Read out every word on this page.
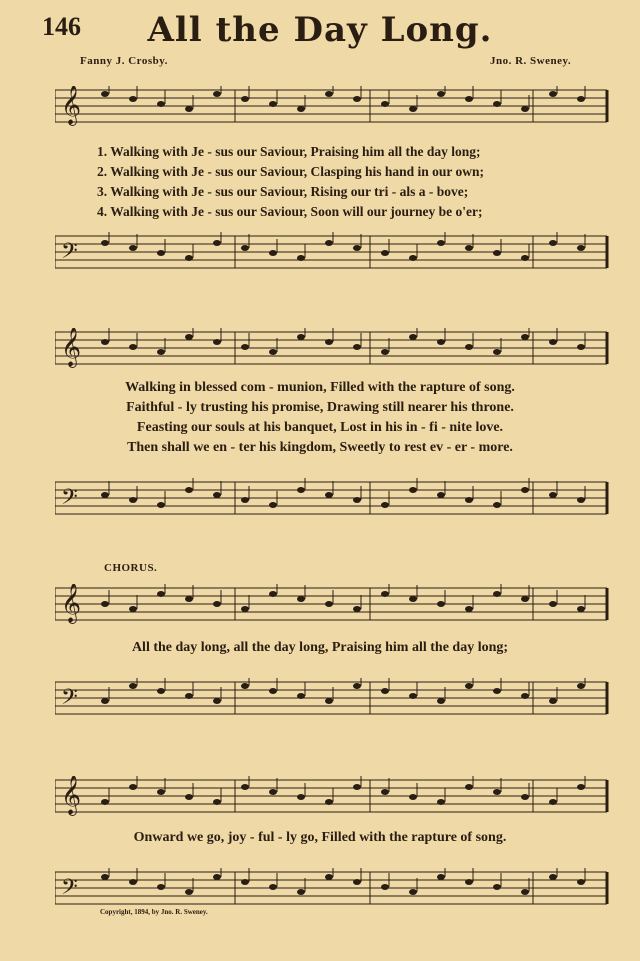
146	All the Day Long.
Fanny J. Crosby.	Jno. R. Sweney.
𝄞
1. Walking with Je - sus our Saviour, Praising him all the day long;
2. Walking with Je - sus our Saviour, Clasping his hand in our own;
3. Walking with Je - sus our Saviour, Rising our tri - als a - bove;
4. Walking with Je - sus our Saviour, Soon will our journey be o'er;
𝄢
𝄞
Walking in blessed com - munion, Filled with the rapture of song.
Faithful - ly trusting his promise, Drawing still nearer his throne.
Feasting our souls at his banquet, Lost in his in - fi - nite love.
Then shall we en - ter his kingdom, Sweetly to rest ev - er - more.
𝄢
CHORUS.
𝄞
All the day long, all the day long, Praising him all the day long;
𝄢
𝄞
Onward we go, joy - ful - ly go, Filled with the rapture of song.
𝄢
Copyright, 1894, by Jno. R. Sweney.
